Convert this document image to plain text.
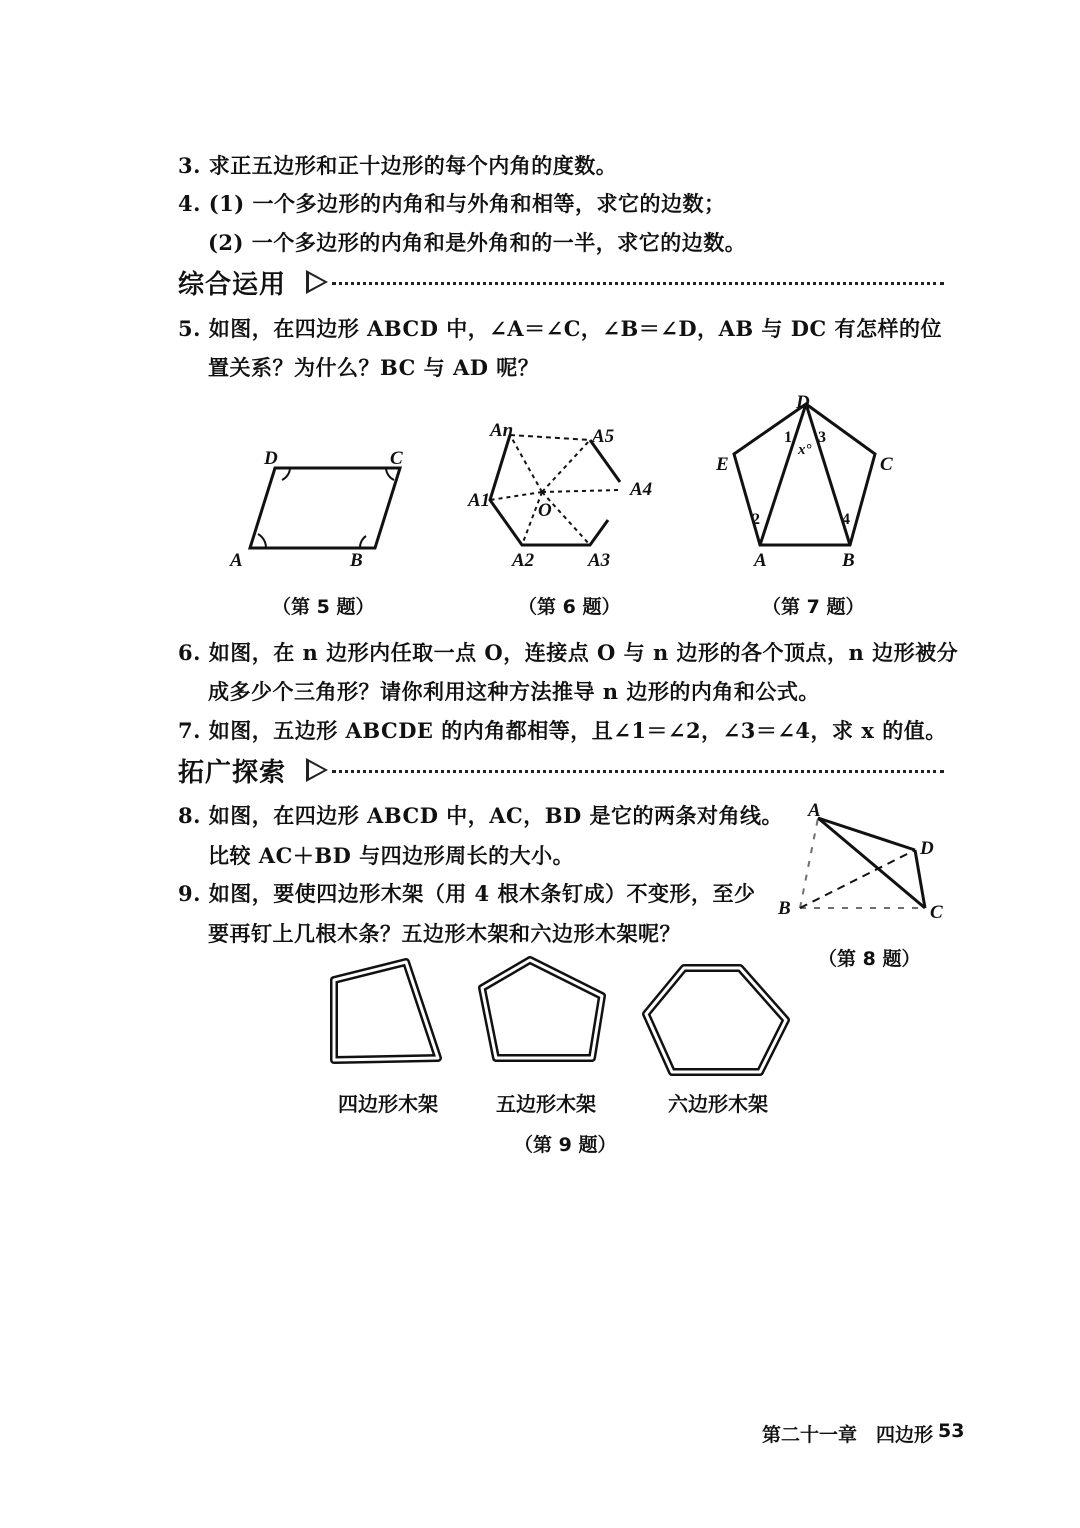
3. 求正五边形和正十边形的每个内角的度数。
4. (1) 一个多边形的内角和与外角和相等，求它的边数；
(2) 一个多边形的内角和是外角和的一半，求它的边数。
综合运用
5. 如图，在四边形 ABCD 中，∠A＝∠C，∠B＝∠D，AB 与 DC 有怎样的位
置关系？为什么？BC 与 AD 呢？
A	B
C
D
An	A5
A4
A1	O
A2	A3
D
C
E
A	B
1 3
x°
2	4
（第 5 题）	（第 6 题）	（第 7 题）
6. 如图，在 n 边形内任取一点 O，连接点 O 与 n 边形的各个顶点，n 边形被分
成多少个三角形？请你利用这种方法推导 n 边形的内角和公式。
7. 如图，五边形 ABCDE 的内角都相等，且∠1＝∠2，∠3＝∠4，求 x 的值。
拓广探索
8. 如图，在四边形 ABCD 中，AC，BD 是它的两条对角线。
比较 AC＋BD 与四边形周长的大小。
9. 如图，要使四边形木架（用 4 根木条钉成）不变形，至少
要再钉上几根木条？五边形木架和六边形木架呢？
A
D
B	C
（第 8 题）
四边形木架	五边形木架	六边形木架
（第 9 题）
第二十一章　四边形 53
